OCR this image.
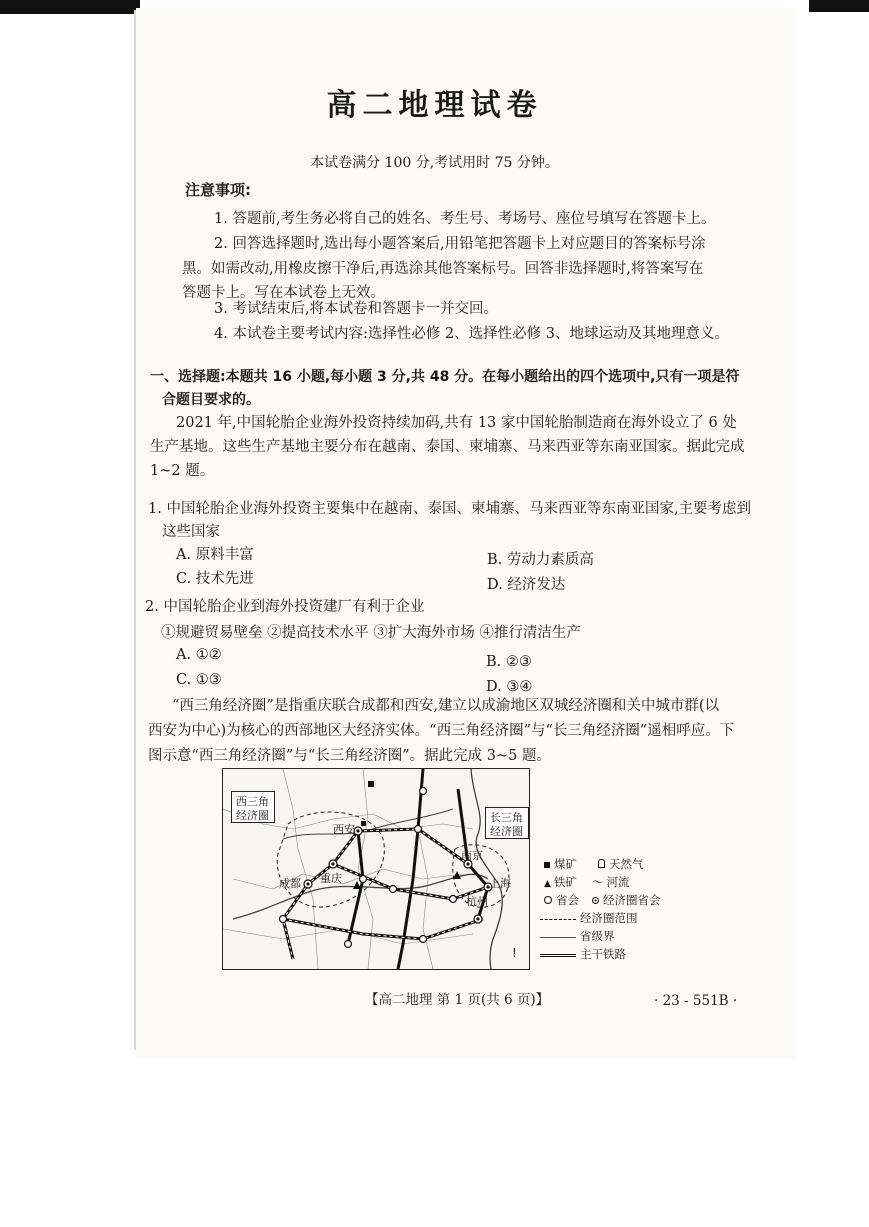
高二地理试卷
本试卷满分 100 分,考试用时 75 分钟。
注意事项:
1. 答题前,考生务必将自己的姓名、考生号、考场号、座位号填写在答题卡上。
2. 回答选择题时,选出每小题答案后,用铅笔把答题卡上对应题目的答案标号涂
黑。如需改动,用橡皮擦干净后,再选涂其他答案标号。回答非选择题时,将答案写在
答题卡上。写在本试卷上无效。
3. 考试结束后,将本试卷和答题卡一并交回。
4. 本试卷主要考试内容:选择性必修 2、选择性必修 3、地球运动及其地理意义。
一、选择题:本题共 16 小题,每小题 3 分,共 48 分。在每小题给出的四个选项中,只有一项是符
合题目要求的。
2021 年,中国轮胎企业海外投资持续加码,共有 13 家中国轮胎制造商在海外设立了 6 处
生产基地。这些生产基地主要分布在越南、泰国、柬埔寨、马来西亚等东南亚国家。据此完成
1~2 题。
1. 中国轮胎企业海外投资主要集中在越南、泰国、柬埔寨、马来西亚等东南亚国家,主要考虑到
这些国家
A. 原料丰富	B. 劳动力素质高
C. 技术先进	D. 经济发达
2. 中国轮胎企业到海外投资建厂有利于企业
①规避贸易壁垒 ②提高技术水平 ③扩大海外市场 ④推行清洁生产
A. ①②	B. ②③
C. ①③	D. ③④
“西三角经济圈”是指重庆联合成都和西安,建立以成渝地区双城经济圈和关中城市群(以
西安为中心)为核心的西部地区大经济实体。“西三角经济圈”与“长三角经济圈”遥相呼应。下
图示意“西三角经济圈”与“长三角经济圈”。据此完成 3~5 题。
!
西三角
经济圈	长三角
经济圈
西安
成都 重庆
南京
上海
杭州
煤矿	天然气
▲ 铁矿 〜 河流
省会	经济圈省会
经济圈范围
省级界
主干铁路
【高二地理 第 1 页(共 6 页)】	· 23 - 551B ·
